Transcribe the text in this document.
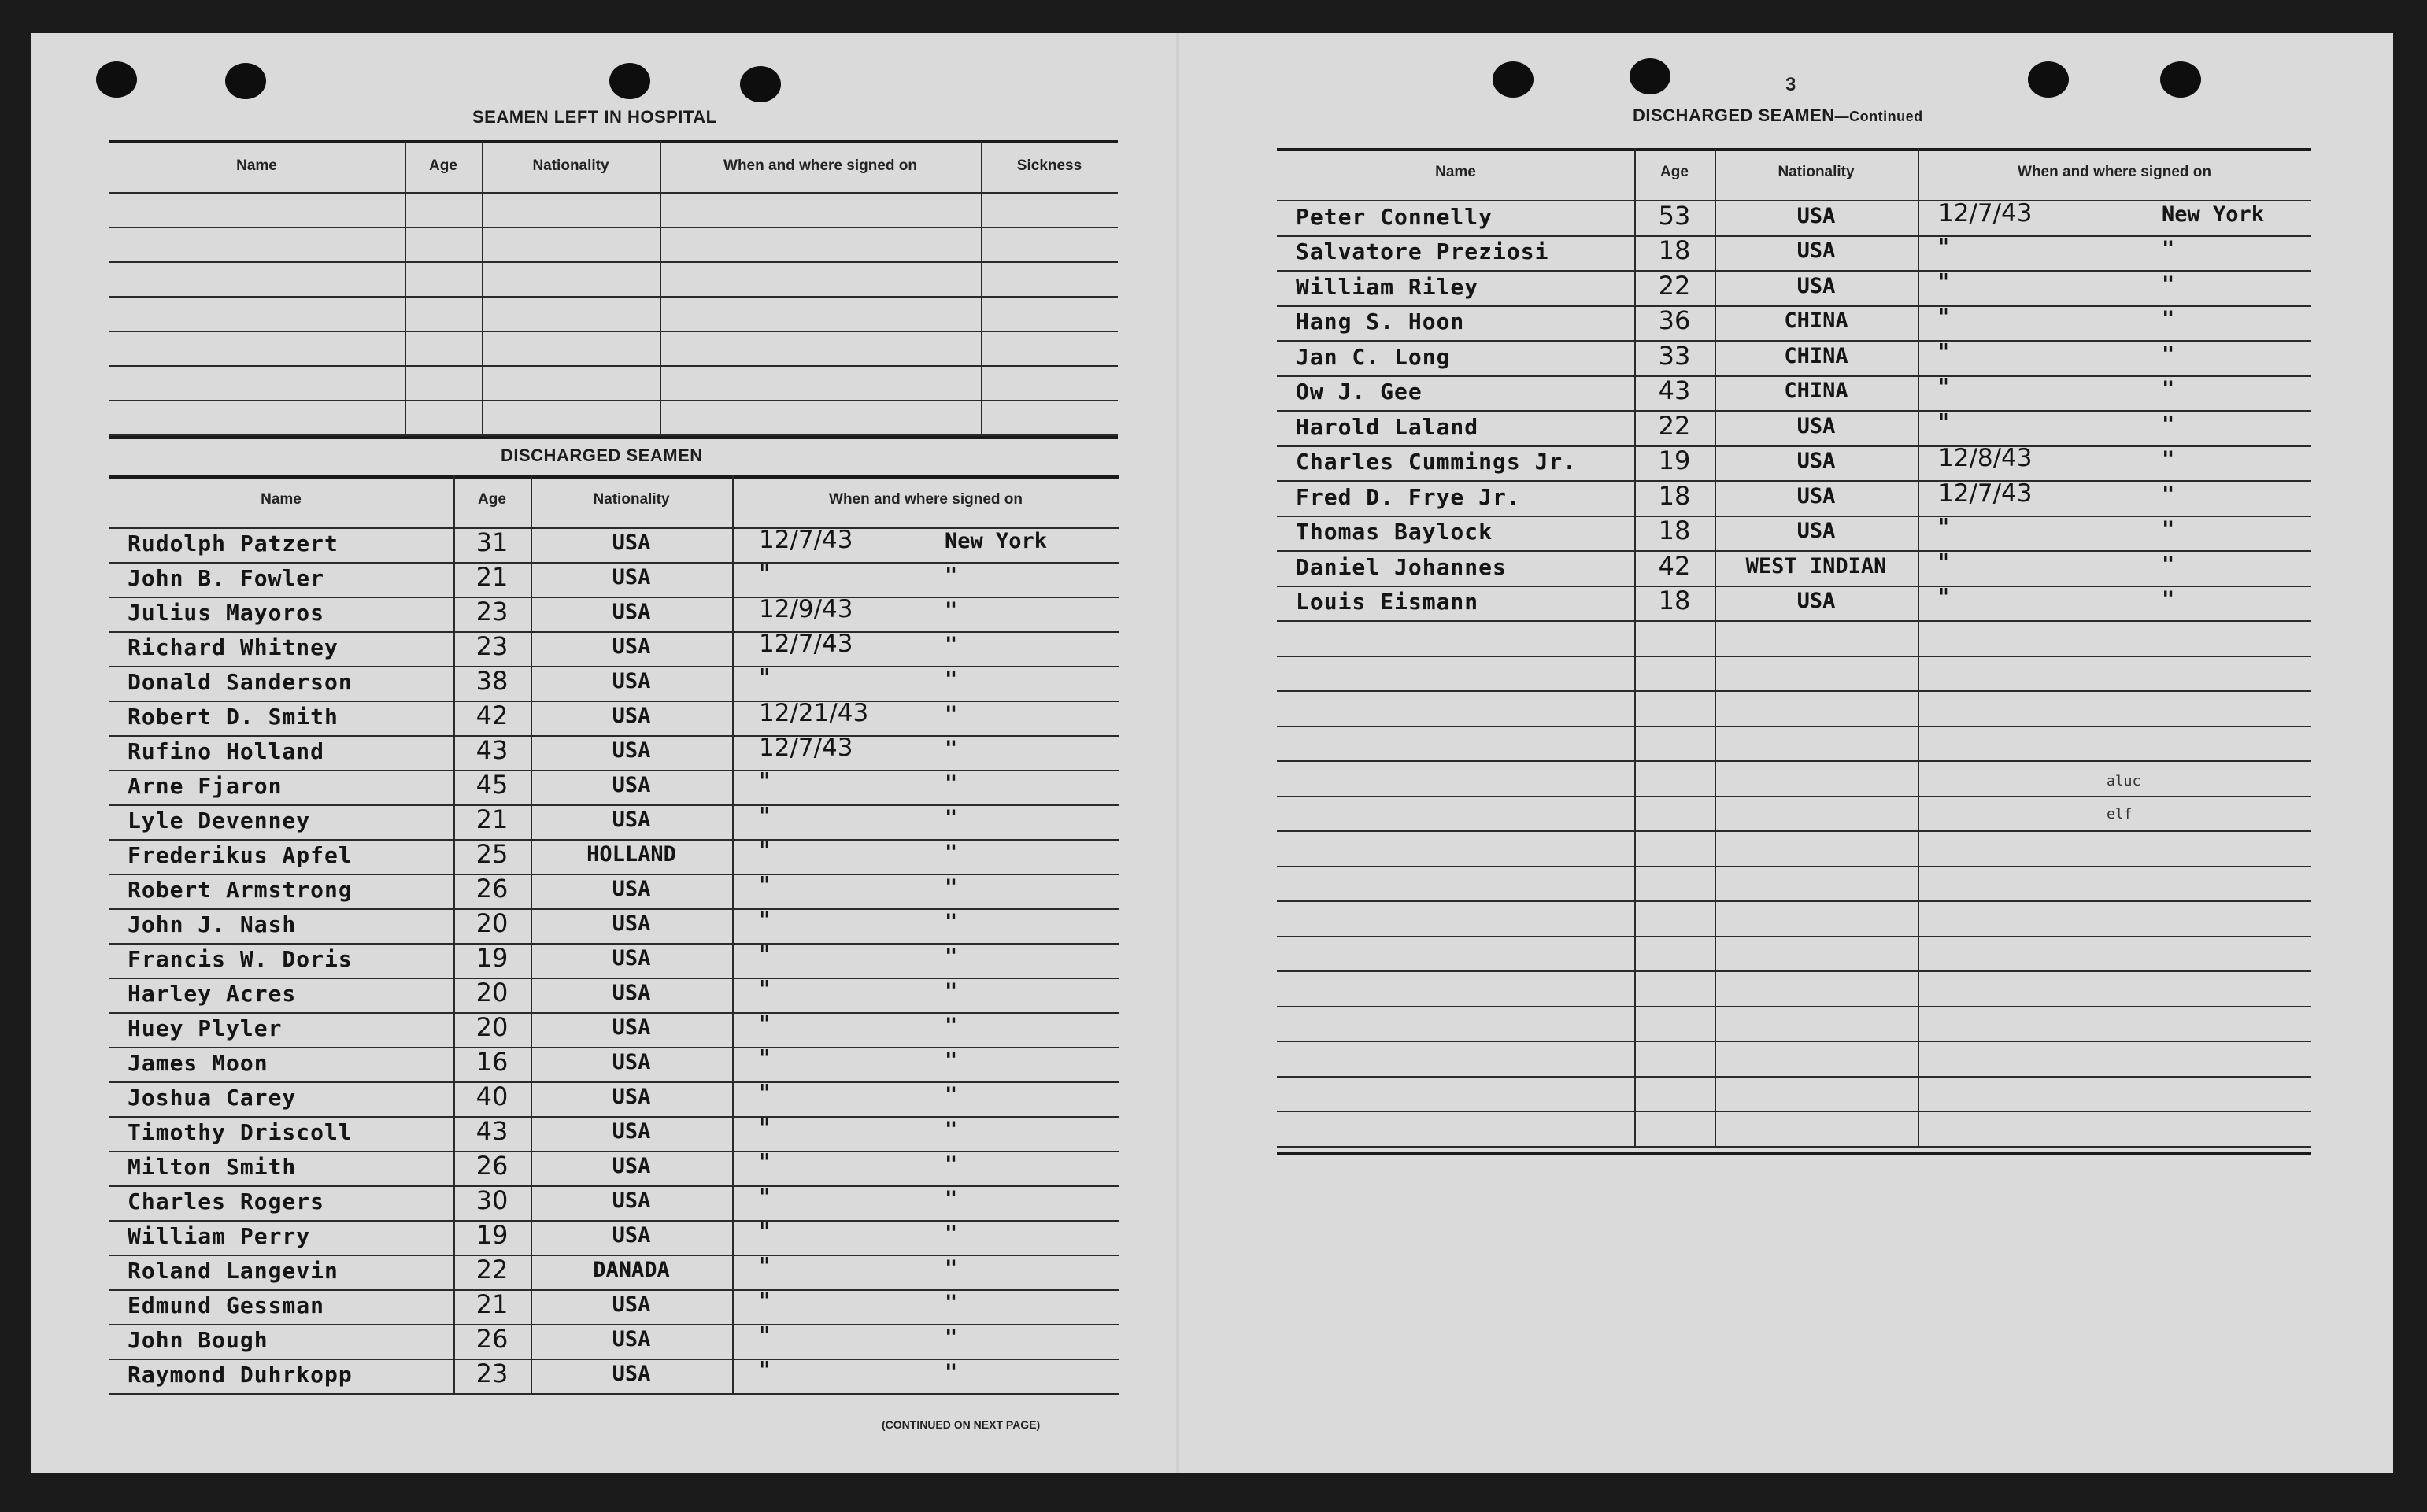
SEAMEN LEFT IN HOSPITAL
Name	Age	Nationality	When and where signed on	Sickness
DISCHARGED SEAMEN
Name	Age	Nationality	When and where signed on
Rudolph Patzert	31	USA	12/7/43	New York
John B. Fowler	21	USA	"	"
Julius Mayoros	23	USA	12/9/43	"
Richard Whitney	23	USA	12/7/43	"
Donald Sanderson	38	USA	"	"
Robert D. Smith	42	USA	12/21/43	"
Rufino Holland	43	USA	12/7/43	"
Arne Fjaron	45	USA	"	"
Lyle Devenney	21	USA	"	"
Frederikus Apfel	25	HOLLAND	"	"
Robert Armstrong	26	USA	"	"
John J. Nash	20	USA	"	"
Francis W. Doris	19	USA	"	"
Harley Acres	20	USA	"	"
Huey Plyler	20	USA	"	"
James Moon	16	USA	"	"
Joshua Carey	40	USA	"	"
Timothy Driscoll	43	USA	"	"
Milton Smith	26	USA	"	"
Charles Rogers	30	USA	"	"
William Perry	19	USA	"	"
Roland Langevin	22	DANADA	"	"
Edmund Gessman	21	USA	"	"
John Bough	26	USA	"	"
Raymond Duhrkopp	23	USA	"	"
(CONTINUED ON NEXT PAGE)
3
DISCHARGED SEAMEN—Continued
Name	Age	Nationality	When and where signed on
Peter Connelly	53	USA	12/7/43	New York
Salvatore Preziosi	18	USA	"	"
William Riley	22	USA	"	"
Hang S. Hoon	36	CHINA	"	"
Jan C. Long	33	CHINA	"	"
Ow J. Gee	43	CHINA	"	"
Harold Laland	22	USA	"	"
Charles Cummings Jr.	19	USA	12/8/43	"
Fred D. Frye Jr.	18	USA	12/7/43	"
Thomas Baylock	18	USA	"	"
Daniel Johannes	42	WEST INDIAN	"	"
Louis Eismann	18	USA	"	"
aluc
elf
